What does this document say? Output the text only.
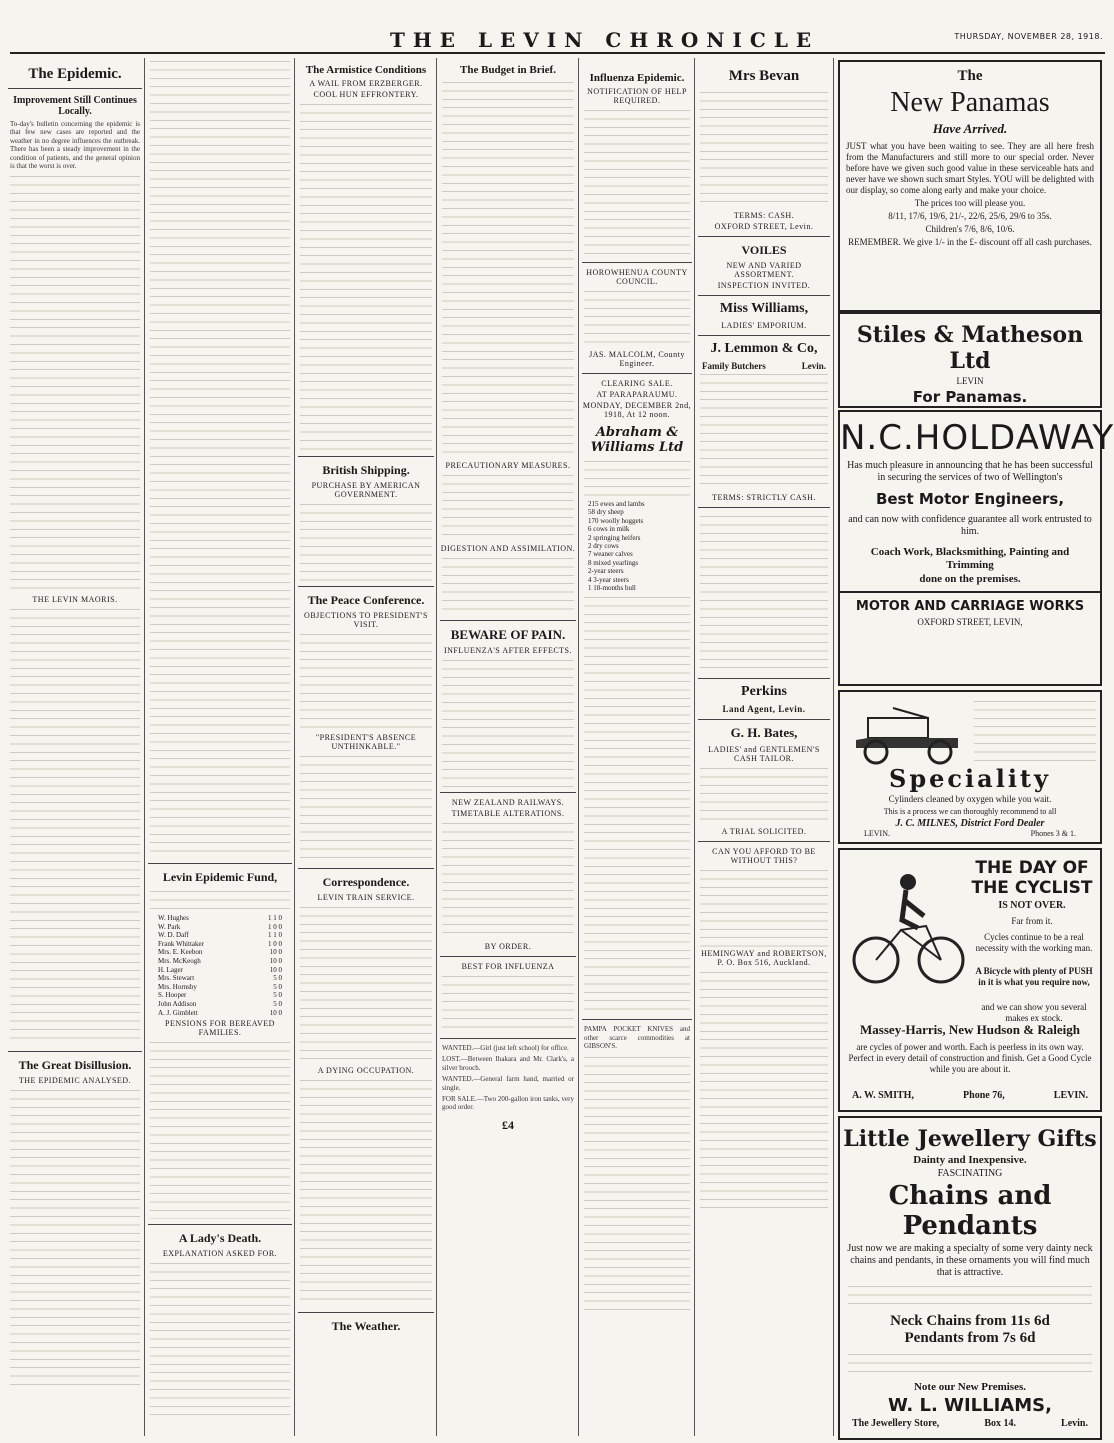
THE LEVIN CHRONICLE	THURSDAY, NOVEMBER 28, 1918.
The Epidemic.
Improvement Still Continues Locally.
To-day's bulletin concerning the epidemic is that few new cases are reported and the weather in no degree influences the outbreak. There has been a steady improvement in the condition of patients, and the general opinion is that the worst is over.
THE LEVIN MAORIS.
The Great Disillusion.
THE EPIDEMIC ANALYSED.
Levin Epidemic Fund,
W. Hughes	1 1 0
W. Park	1 0 0
W. D. Daff	1 1 0
Frank Whittaker	1 0 0
Mrs. E. Keebon	10 0
Mrs. McKeogh	10 0
H. Lager	10 0
Mrs. Stewart	5 0
Mrs. Hornsby	5 0
S. Hooper	5 0
John Addison	5 0
A. J. Gimblett	10 0
PENSIONS FOR BEREAVED FAMILIES.
A Lady's Death.
EXPLANATION ASKED FOR.
The Armistice Conditions
A WAIL FROM ERZBERGER.
COOL HUN EFFRONTERY.
British Shipping.
PURCHASE BY AMERICAN GOVERNMENT.
The Peace Conference.
OBJECTIONS TO PRESIDENT'S VISIT.
"PRESIDENT'S ABSENCE UNTHINKABLE."
Correspondence.
LEVIN TRAIN SERVICE.
A DYING OCCUPATION.
The Weather.
The Budget in Brief.
PRECAUTIONARY MEASURES.
DIGESTION AND ASSIMILATION.
BEWARE OF PAIN.
INFLUENZA'S AFTER EFFECTS.
NEW ZEALAND RAILWAYS.
TIMETABLE ALTERATIONS.
BY ORDER.
BEST FOR INFLUENZA
WANTED.—Girl (just left school) for office.
LOST.—Between Ihakara and Mr. Clark's, a silver brooch.
WANTED.—General farm hand, married or single.
FOR SALE.—Two 200-gallon iron tanks, very good order.
£4
Influenza Epidemic.
NOTIFICATION OF HELP REQUIRED.
HOROWHENUA COUNTY COUNCIL.
JAS. MALCOLM, County Engineer.
CLEARING SALE.
AT PARAPARAUMU.
MONDAY, DECEMBER 2nd, 1918, At 12 noon.
Abraham & Williams Ltd
215 ewes and lambs
58 dry sheep
170 woolly hoggets
6 cows in milk
2 springing heifers
2 dry cows
7 weaner calves
8 mixed yearlings
2-year steers
4 3-year steers
1 18-months bull
PAMPA POCKET KNIVES and other scarce commodities at GIBSON'S.
Mrs Bevan
TERMS: CASH.
OXFORD STREET, Levin.
VOILES
NEW AND VARIED ASSORTMENT.
INSPECTION INVITED.
Miss Williams,
LADIES' EMPORIUM.
J. Lemmon & Co,
Family Butchers	Levin.
TERMS: STRICTLY CASH.
Perkins
Land Agent, Levin.
G. H. Bates,
LADIES' and GENTLEMEN'S CASH TAILOR.
A TRIAL SOLICITED.
CAN YOU AFFORD TO BE WITHOUT THIS?
HEMINGWAY and ROBERTSON, P. O. Box 516, Auckland.
The
New Panamas
Have Arrived.
JUST what you have been waiting to see. They are all here fresh from the Manufacturers and still more to our special order. Never before have we given such good value in these serviceable hats and never have we shown such smart Styles. YOU will be delighted with our display, so come along early and make your choice.
The prices too will please you.
8/11, 17/6, 19/6, 21/-, 22/6, 25/6, 29/6 to 35s.
Children's 7/6, 8/6, 10/6.
REMEMBER. We give 1/- in the £- discount off all cash purchases.
Stiles & Matheson Ltd
LEVIN
For Panamas.
N.C.HOLDAWAY
Has much pleasure in announcing that he has been successful in securing the services of two of Wellington's
Best Motor Engineers,
and can now with confidence guarantee all work entrusted to him.
Coach Work, Blacksmithing, Painting and Trimming
done on the premises.
MOTOR AND CARRIAGE WORKS
OXFORD STREET, LEVIN,
Speciality
Cylinders cleaned by oxygen while you wait.
This is a process we can thoroughly recommend to all
J. C. MILNES, District Ford Dealer
LEVIN.	Phones 3 & 1.
THE DAY OF THE CYCLIST
IS NOT OVER.
Far from it.
Cycles continue to be a real necessity with the working man.
A Bicycle with plenty of PUSH in it is what you require now,
and we can show you several makes ex stock.
Massey-Harris, New Hudson & Raleigh
are cycles of power and worth. Each is peerless in its own way. Perfect in every detail of construction and finish. Get a Good Cycle while you are about it.
A. W. SMITH,	Phone 76,	LEVIN.
Little Jewellery Gifts
Dainty and Inexpensive.
FASCINATING
Chains and Pendants
Just now we are making a specialty of some very dainty neck chains and pendants, in these ornaments you will find much that is attractive.
Neck Chains from 11s 6d
Pendants from 7s 6d
Note our New Premises.
W. L. WILLIAMS,
The Jewellery Store,	Box 14.	Levin.
